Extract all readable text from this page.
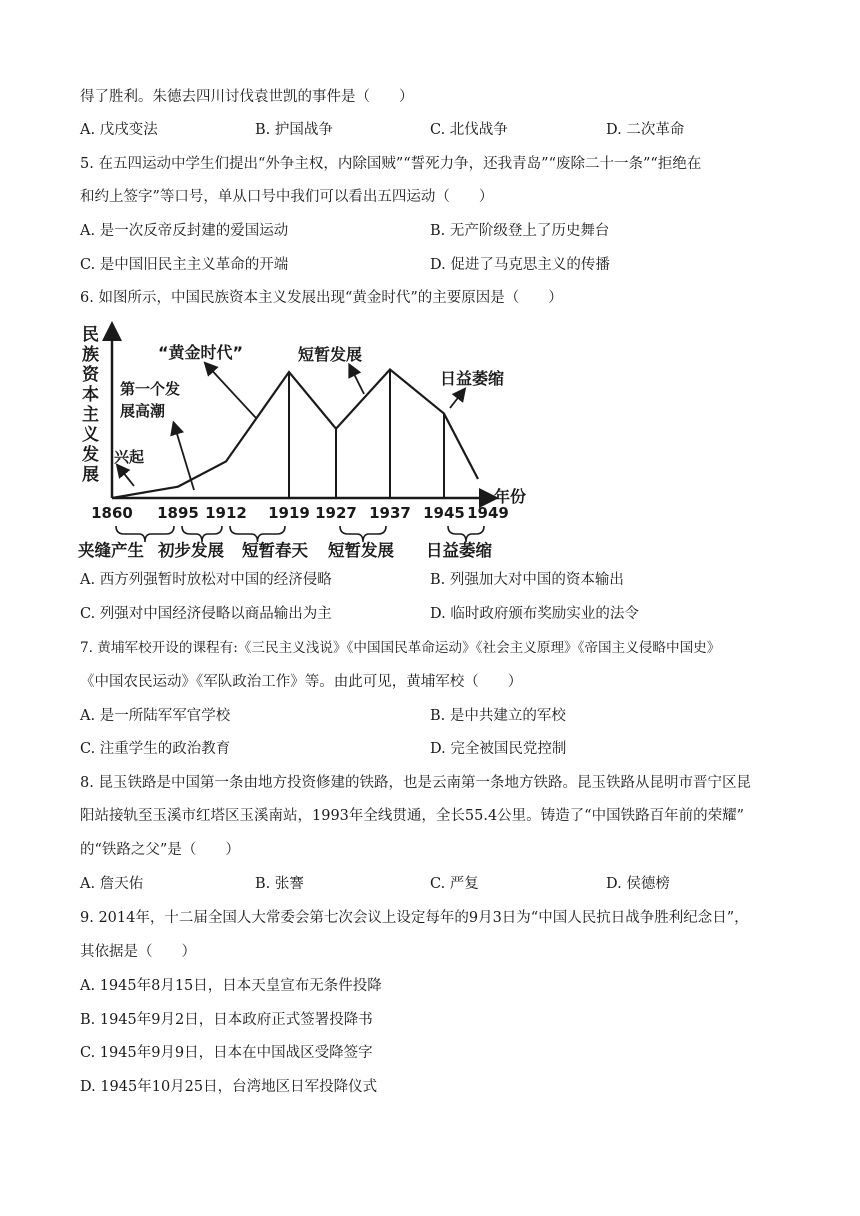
得了胜利。朱德去四川讨伐袁世凯的事件是（　　）
A. 戊戌变法	B. 护国战争	C. 北伐战争	D. 二次革命
5. 在五四运动中学生们提出“外争主权，内除国贼”“誓死力争，还我青岛”“废除二十一条”“拒绝在
和约上签字”等口号，单从口号中我们可以看出五四运动（　　）
A. 是一次反帝反封建的爱国运动	B. 无产阶级登上了历史舞台
C. 是中国旧民主主义革命的开端	D. 促进了马克思主义的传播
6. 如图所示，中国民族资本主义发展出现“黄金时代”的主要原因是（　　）
民
族
资
本
主
义
发
展
年份
兴起
第一个发展高潮
“黄金时代”	短暂发展
日益萎缩
1860 1895 1912 1919 1927 1937 1945 1949
夹缝产生 初步发展 短暂春天 短暂发展 日益萎缩
A. 西方列强暂时放松对中国的经济侵略	B. 列强加大对中国的资本输出
C. 列强对中国经济侵略以商品输出为主	D. 临时政府颁布奖励实业的法令
7. 黄埔军校开设的课程有:《三民主义浅说》《中国国民革命运动》《社会主义原理》《帝国主义侵略中国史》
《中国农民运动》《军队政治工作》等。由此可见，黄埔军校（　　）
A. 是一所陆军军官学校	B. 是中共建立的军校
C. 注重学生的政治教育	D. 完全被国民党控制
8. 昆玉铁路是中国第一条由地方投资修建的铁路，也是云南第一条地方铁路。昆玉铁路从昆明市晋宁区昆
阳站接轨至玉溪市红塔区玉溪南站，1993年全线贯通，全长55.4公里。铸造了“中国铁路百年前的荣耀”
的“铁路之父”是（　　）
A. 詹天佑	B. 张謇	C. 严复	D. 侯德榜
9. 2014年，十二届全国人大常委会第七次会议上设定每年的9月3日为“中国人民抗日战争胜利纪念日”，
其依据是（　　）
A. 1945年8月15日，日本天皇宣布无条件投降
B. 1945年9月2日，日本政府正式签署投降书
C. 1945年9月9日，日本在中国战区受降签字
D. 1945年10月25日，台湾地区日军投降仪式
